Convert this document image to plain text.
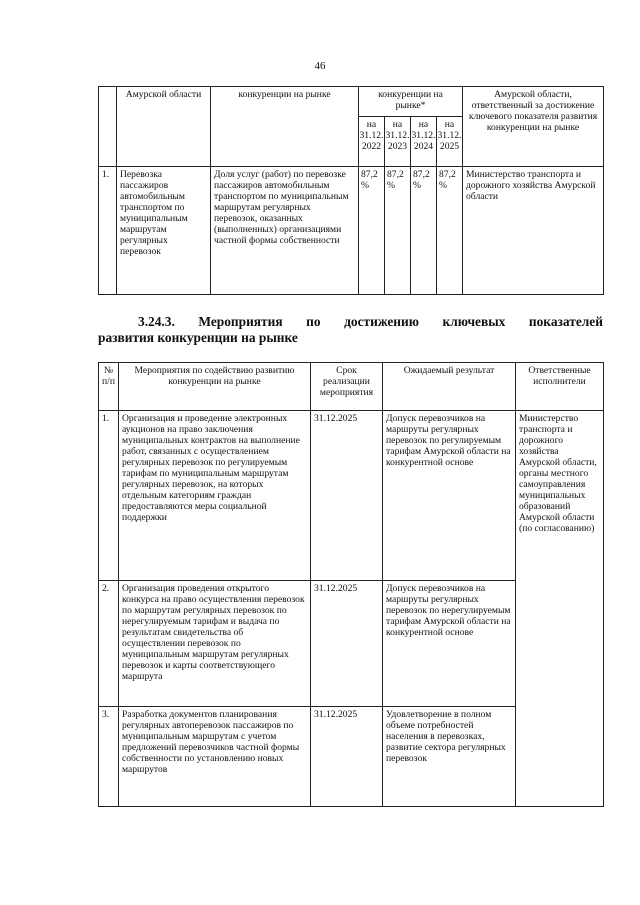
46
	Амурской области	конкуренции на рынке	конкуренции на рынке*				Амурской области, ответственный за достижение ключевого показателя развития конкуренции на рынке
			на 31.12. 2022	на 31.12. 2023	на 31.12. 2024	на 31.12. 2025	
1.	Перевозка пассажиров автомобильным транспортом по муниципальным маршрутам регулярных перевозок	Доля услуг (работ) по перевозке пассажиров автомобильным транспортом по муниципальным маршрутам регулярных перевозок, оказанных (выполненных) организациями частной формы собственности	87,2 %	87,2 %	87,2 %	87,2 %	Министерство транспорта и дорожного хозяйства Амурской области
3.24.3. Мероприятия по достижению ключевых показателей
развития конкуренции на рынке
№ п/п	Мероприятия по содействию развитию конкуренции на рынке	Срок реализации мероприятия	Ожидаемый результат	Ответственные исполнители
1.	Организация и проведение электронных аукционов на право заключения муниципальных контрактов на выполнение работ, связанных с осуществлением регулярных перевозок по регулируемым тарифам по муниципальным маршрутам регулярных перевозок, на которых отдельным категориям граждан предоставляются меры социальной поддержки	31.12.2025	Допуск перевозчиков на маршруты регулярных перевозок по регулируемым тарифам Амурской области на конкурентной основе	Министерство транспорта и дорожного хозяйства Амурской области, органы местного самоуправления муниципальных образований Амурской области (по согласованию)
2.	Организация проведения открытого конкурса на право осуществления перевозок по маршрутам регулярных перевозок по нерегулируемым тарифам и выдача по результатам свидетельства об осуществлении перевозок по муниципальным маршрутам регулярных перевозок и карты соответствующего маршрута	31.12.2025	Допуск перевозчиков на маршруты регулярных перевозок по нерегулируемым тарифам Амурской области на конкурентной основе	
3.	Разработка документов планирования регулярных автоперевозок пассажиров по муниципальным маршрутам с учетом предложений перевозчиков частной формы собственности по установлению новых маршрутов	31.12.2025	Удовлетворение в полном объеме потребностей населения в перевозках, развитие сектора регулярных перевозок	
